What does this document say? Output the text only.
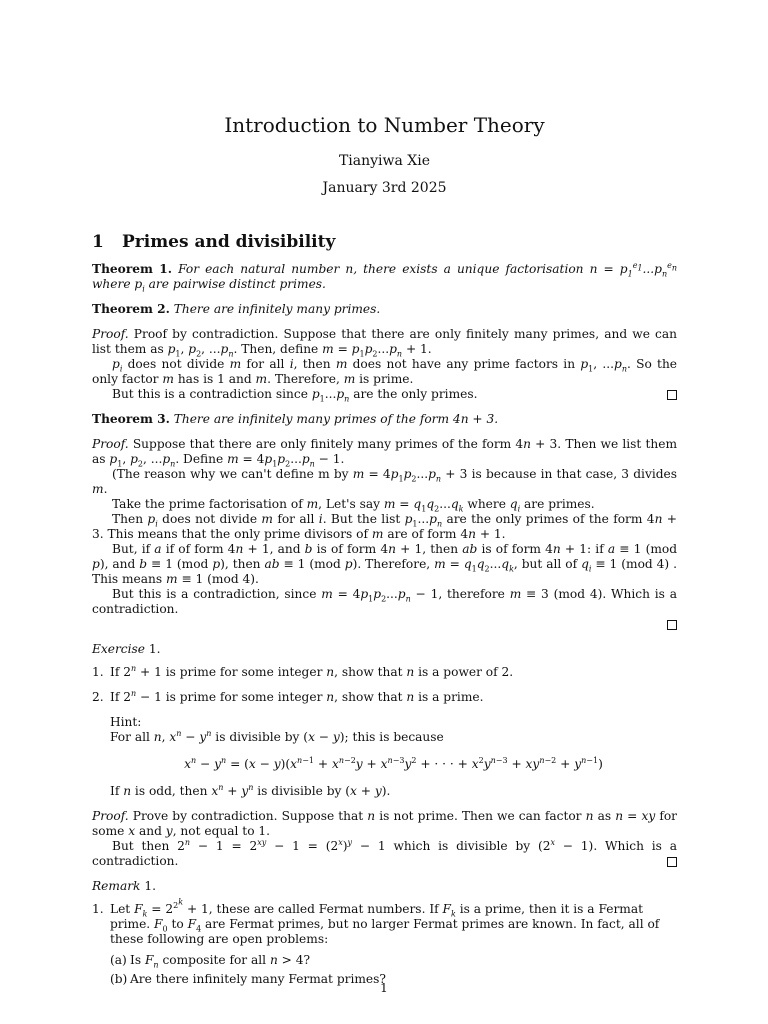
Introduction to Number Theory
Tianyiwa Xie
January 3rd 2025
1 Primes and divisibility

Theorem 1. For each natural number n, there exists a unique factorisation $n = p_1^{e_1}...p_n^{e_n}$ where $p_i$ are pairwise distinct primes.

Theorem 2. There are infinitely many primes.

Proof. Proof by contradiction. Suppose that there are only finitely many primes, and we can list them as $p_1$, $p_2$, $...p_n$. Then, define $m = p_1p_2...p_n + 1$.

$p_i$ does not divide m for all i, then m does not have any prime factors in $p_1$, $...p_n$. So the only factor m has is 1 and m. Therefore, m is prime.

But this is a contradiction since $p_1...p_n$ are the only primes.

Theorem 3. There are infinitely many primes of the form 4n + 3.

Proof. Suppose that there are only finitely many primes of the form 4n + 3. Then we list them as $p_1$, $p_2$, $...p_n$. Define $m = 4p_1p_2...p_n - 1$.

(The reason why we can't define m by $m = 4p_1p_2...p_n + 3$ is because in that case, 3 divides m.

Take the prime factorisation of m, Let's say $m = q_1q_2...q_k$ where $q_i$ are primes.

Then $p_i$ does not divide m for all i. But the list $p_1...p_n$ are the only primes of the form 4n + 3. This means that the only prime divisors of m are of form 4n + 1.

But, if a if of form 4n + 1, and b is of form 4n + 1, then ab is of form 4n + 1: if a ≡ 1 (mod p), and b ≡ 1 (mod p), then ab ≡ 1 (mod p). Therefore, $m = q_1q_2...q_k$, but all of $q_i \equiv 1$ (mod 4) . This means m ≡ 1 (mod 4).

But this is a contradiction, since $m = 4p_1p_2...p_n - 1$, therefore m ≡ 3 (mod 4). Which is a contradiction.

Exercise 1.

1. If $2^n + 1$ is prime for some integer n, show that n is a power of 2.
2. If $2^n - 1$ is prime for some integer n, show that n is a prime.

Hint:

For all n, $x^n - y^n$ is divisible by (x − y); this is because

$x^n - y^n = (x - y)(x^{n-1} + x^{n-2}y + x^{n-3}y^2$ + · · · + $x^2y^{n-3} + xy^{n-2} + y^{n-1}$)

If n is odd, then $x^n + y^n$ is divisible by (x + y).

Proof. Prove by contradiction. Suppose that n is not prime. Then we can factor n as n = xy for some x and y, not equal to 1.

But then $2^n - 1 = 2^{xy} - 1 = (2^x)^y - 1$ which is divisible by $(2^x - 1)$. Which is a contradiction.

Remark 1.

1. Let $F_k = 2^{2^k} + 1$, these are called Fermat numbers. If $F_k$ is a prime, then it is a Fermat prime. $F_0$ to $F_4$ are Fermat primes, but no larger Fermat primes are known. In fact, all of these following are open problems:
(a) Is $F_n$ composite for all n > 4?
(b) Are there infinitely many Fermat primes?
1
